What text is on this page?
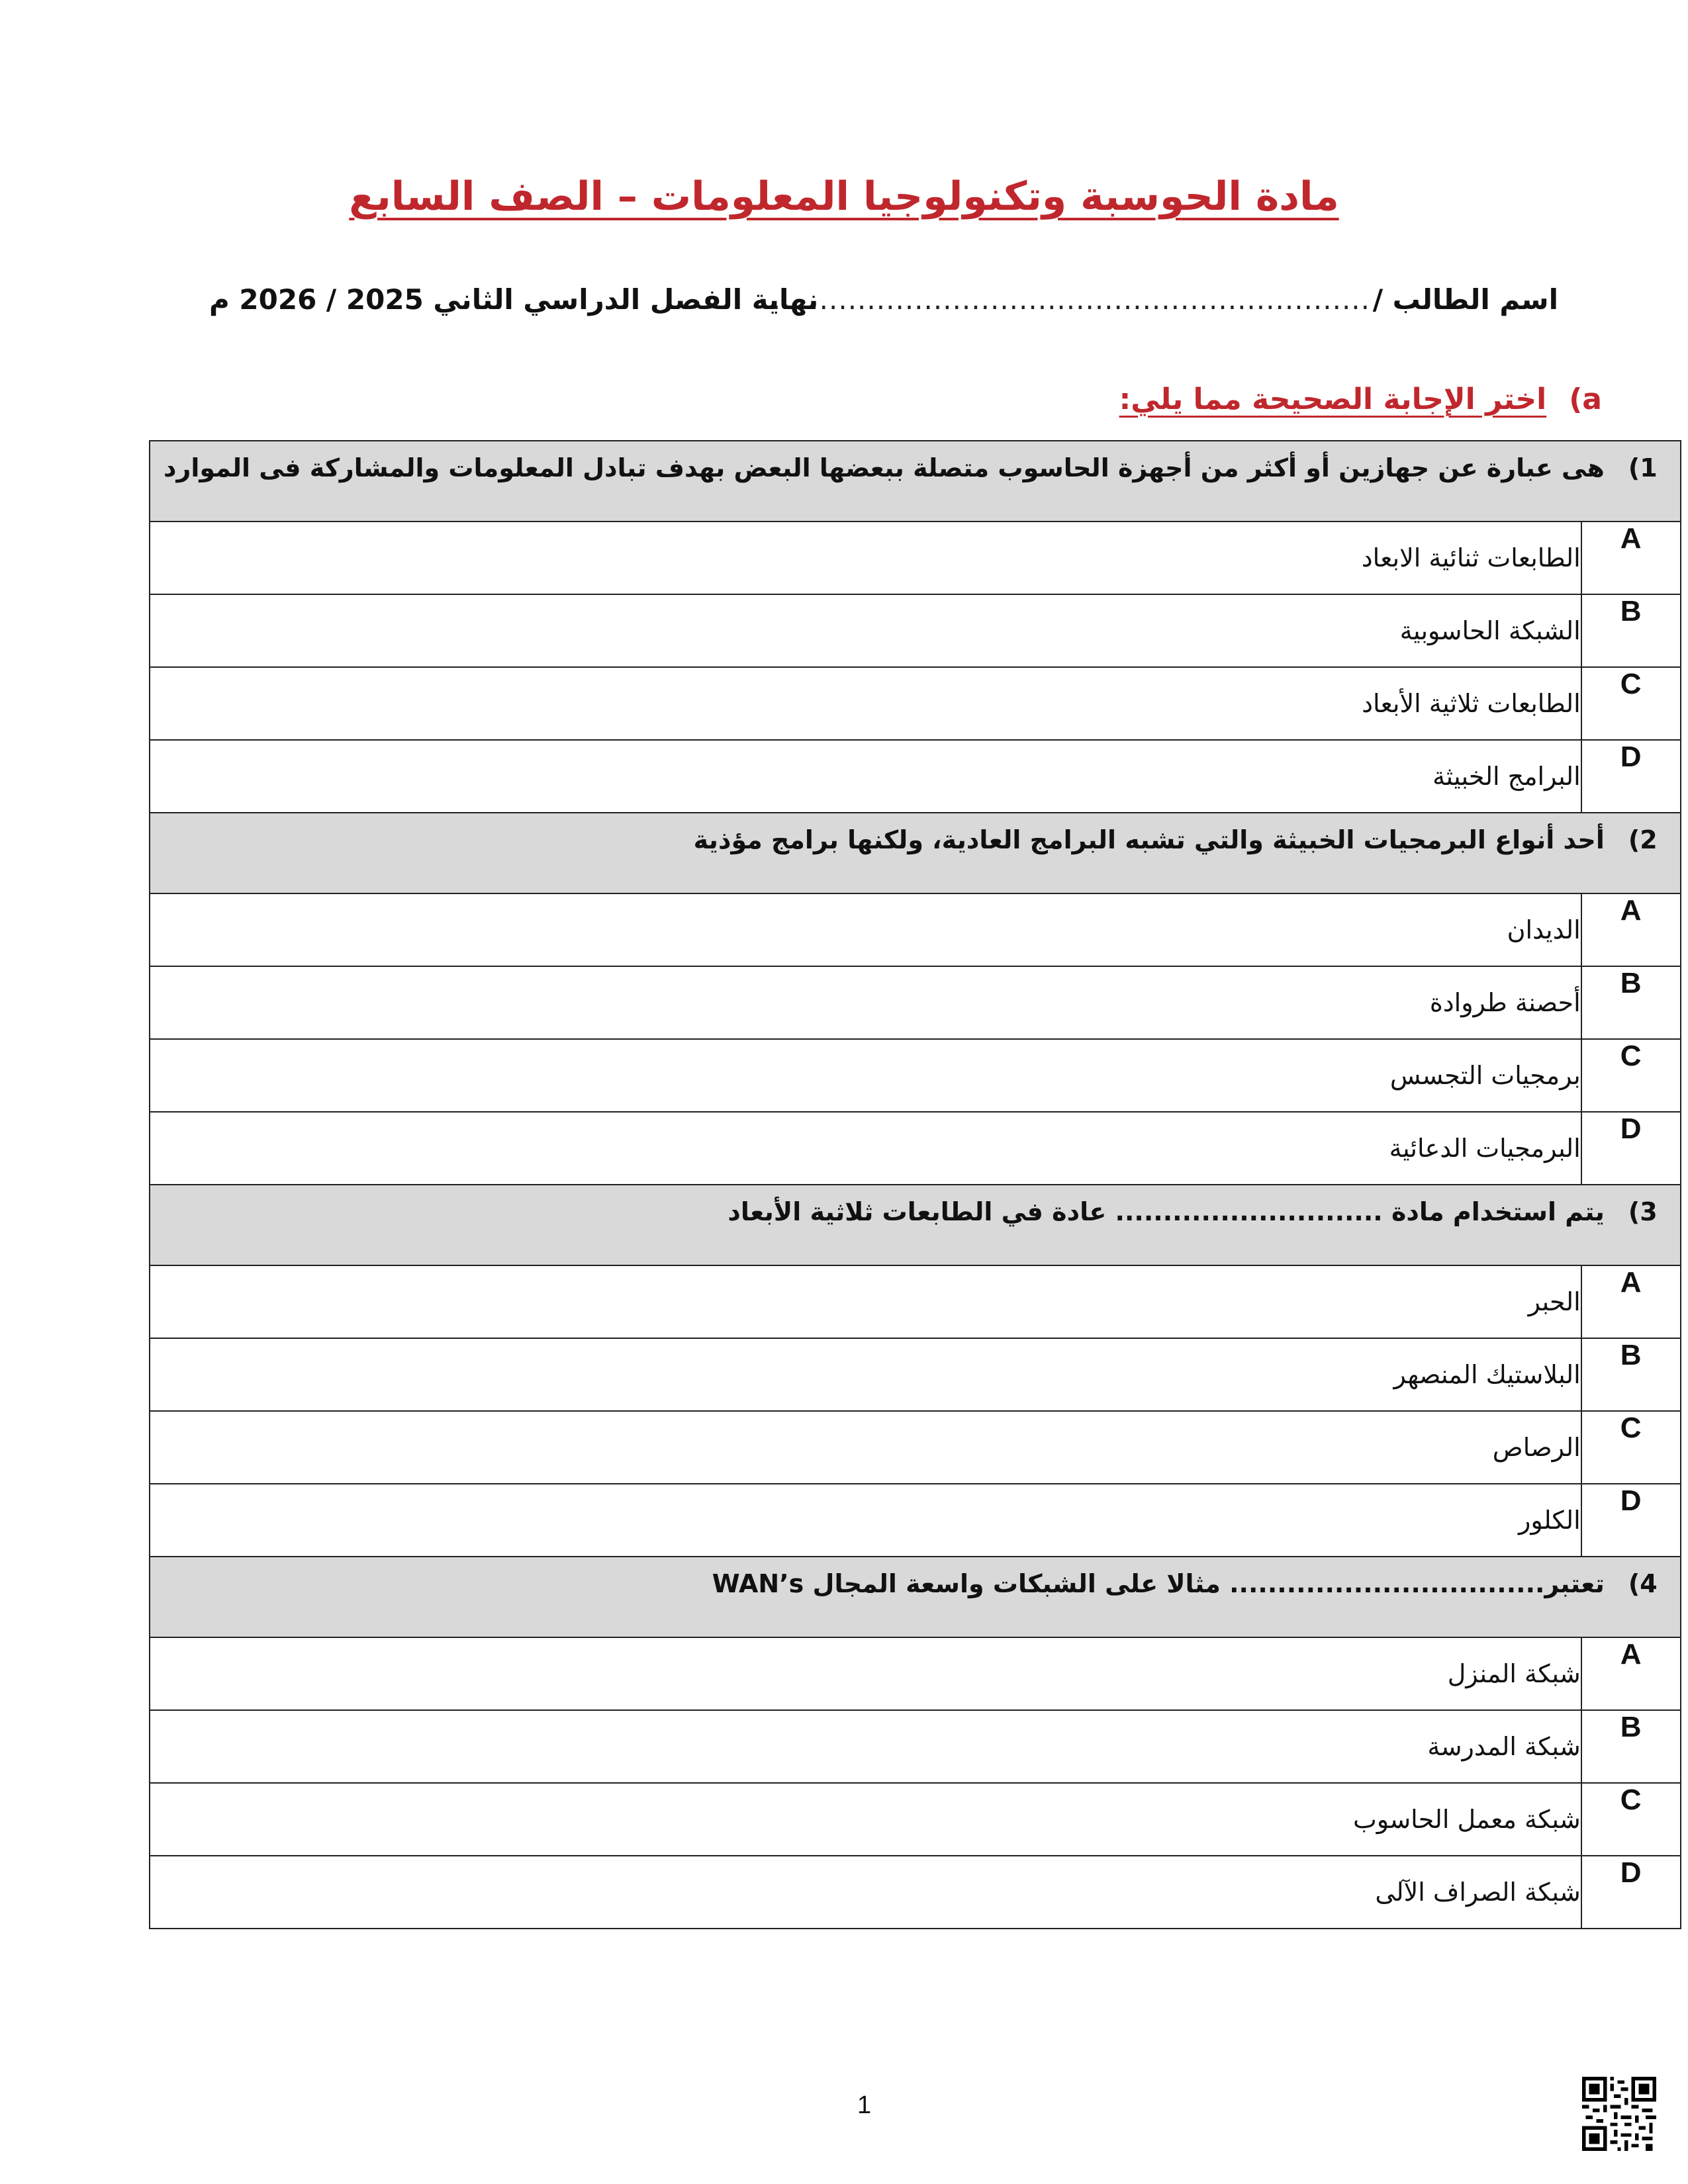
مادة الحوسبة وتكنولوجيا المعلومات – الصف السابع
اسم الطالب /
...............................................................
نهاية الفصل الدراسي الثاني 2025 / 2026 م
a)اختر الإجابة الصحيحة مما يلي:
1)هى عبارة عن جهازين أو أكثر من أجهزة الحاسوب متصلة ببعضها البعض بهدف تبادل المعلومات والمشاركة فى الموارد	

A	الطابعات ثنائية الابعاد
B	الشبكة الحاسوبية
C	الطابعات ثلاثية الأبعاد
D	البرامج الخبيثة

2)أحد أنواع البرمجيات الخبيثة والتي تشبه البرامج العادية، ولكنها برامج مؤذية	

A	الديدان
B	أحصنة طروادة
C	برمجيات التجسس
D	البرمجيات الدعائية

3)يتم استخدام مادة ............................ عادة في الطابعات ثلاثية الأبعاد	

A	الحبر
B	البلاستيك المنصهر
C	الرصاص
D	الكلور

4)تعتبر................................. مثالا على الشبكات واسعة المجال WAN’s	

A	شبكة المنزل
B	شبكة المدرسة
C	شبكة معمل الحاسوب
D	شبكة الصراف الآلى
1
